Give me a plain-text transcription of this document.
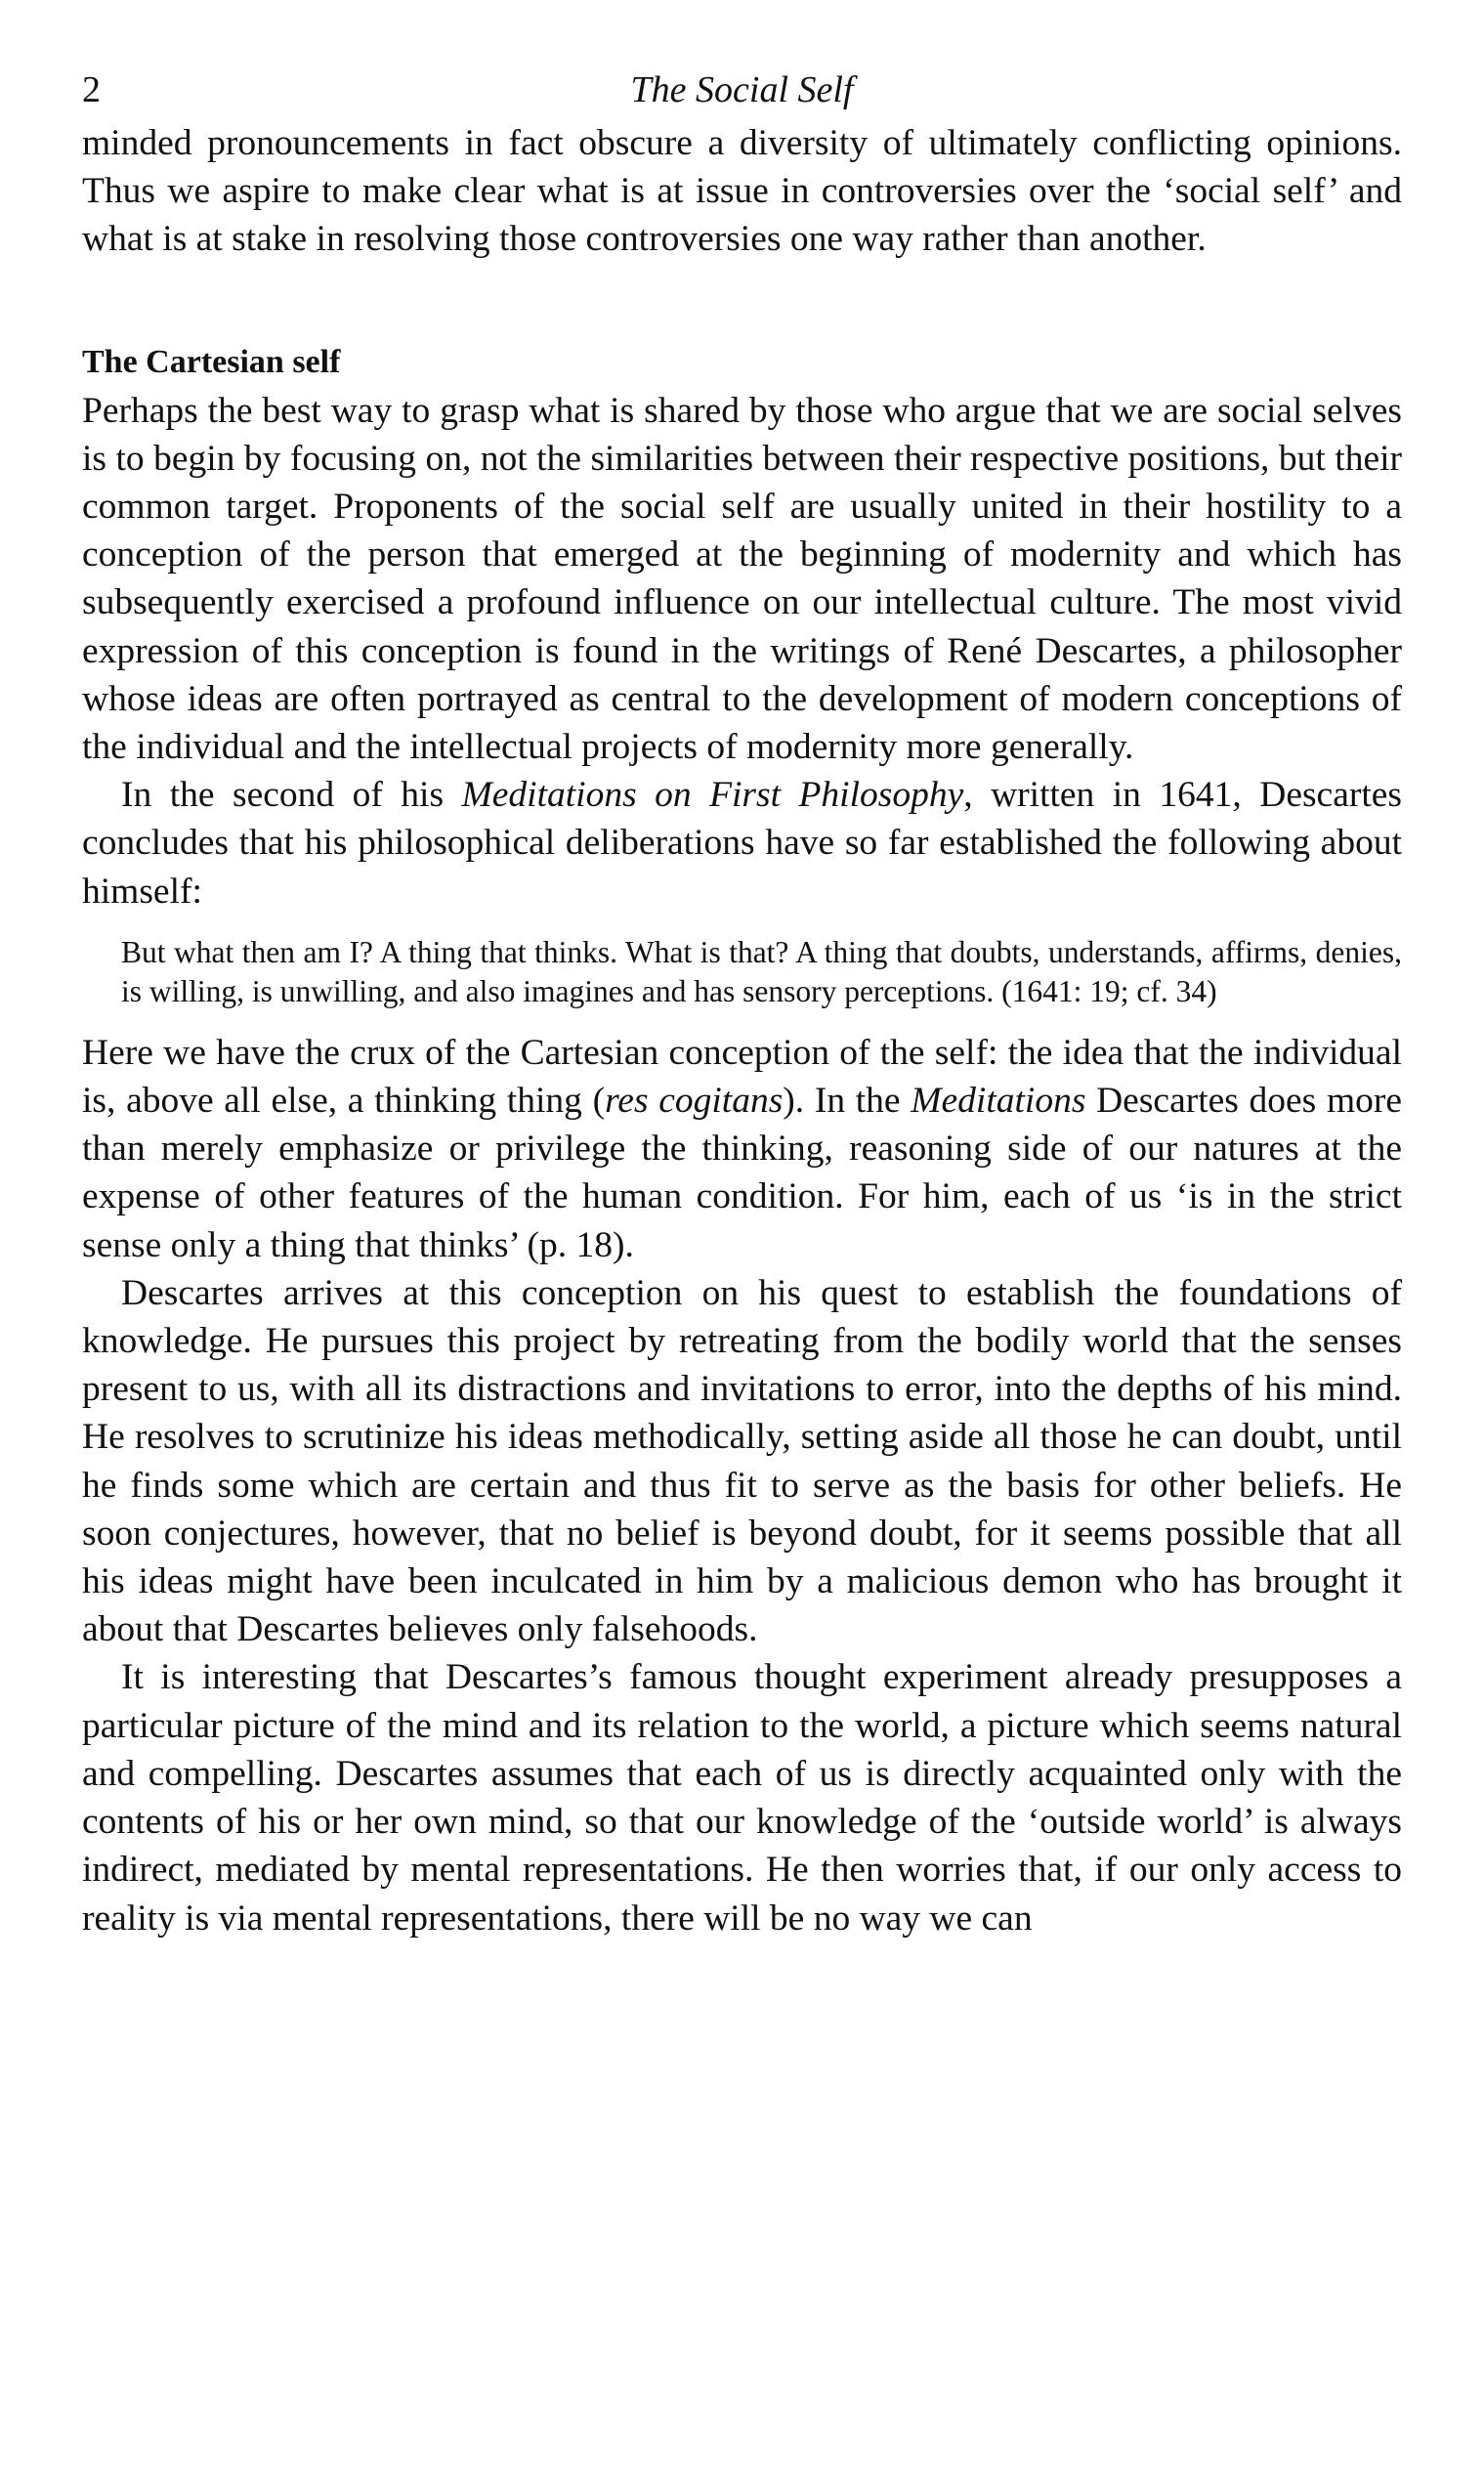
2	The Social Self

minded pronouncements in fact obscure a diversity of ultimately conflicting opinions. Thus we aspire to make clear what is at issue in controversies over the ‘social self’ and what is at stake in resolving those controversies one way rather than another.

The Cartesian self

Perhaps the best way to grasp what is shared by those who argue that we are social selves is to begin by focusing on, not the similarities between their respective positions, but their common target. Proponents of the social self are usually united in their hostility to a conception of the person that emerged at the beginning of modernity and which has subsequently exercised a profound influence on our intellectual culture. The most vivid expression of this conception is found in the writings of René Descartes, a philosopher whose ideas are often portrayed as central to the development of modern conceptions of the individual and the intellectual projects of modernity more generally.

In the second of his Meditations on First Philosophy, written in 1641, Descartes concludes that his philosophical deliberations have so far established the following about himself:

But what then am I? A thing that thinks. What is that? A thing that doubts, understands, affirms, denies, is willing, is unwilling, and also imagines and has sensory perceptions. (1641: 19; cf. 34)

Here we have the crux of the Cartesian conception of the self: the idea that the individual is, above all else, a thinking thing (res cogitans). In the Meditations Descartes does more than merely emphasize or privilege the thinking, reasoning side of our natures at the expense of other features of the human condition. For him, each of us ‘is in the strict sense only a thing that thinks’ (p. 18).

Descartes arrives at this conception on his quest to establish the foundations of knowledge. He pursues this project by retreating from the bodily world that the senses present to us, with all its distractions and invitations to error, into the depths of his mind. He resolves to scrutinize his ideas methodically, setting aside all those he can doubt, until he finds some which are certain and thus fit to serve as the basis for other beliefs. He soon conjectures, however, that no belief is beyond doubt, for it seems possible that all his ideas might have been inculcated in him by a malicious demon who has brought it about that Descartes believes only falsehoods.

It is interesting that Descartes’s famous thought experiment already presupposes a particular picture of the mind and its relation to the world, a picture which seems natural and compelling. Descartes assumes that each of us is directly acquainted only with the contents of his or her own mind, so that our knowledge of the ‘outside world’ is always indirect, mediated by mental representations. He then worries that, if our only access to reality is via mental representations, there will be no way we can
